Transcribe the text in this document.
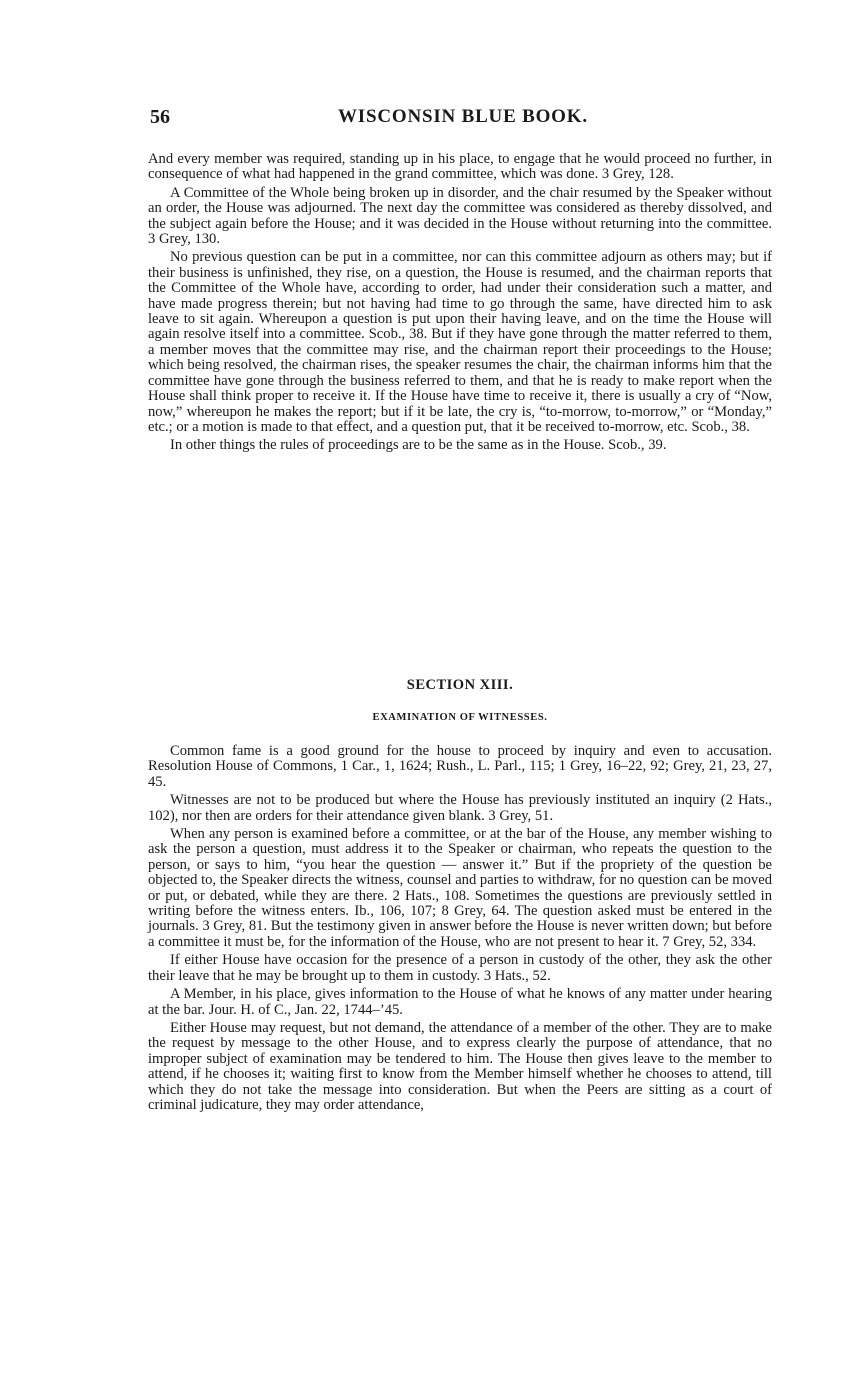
56	WISCONSIN BLUE BOOK.

And every member was required, standing up in his place, to engage that he would proceed no further, in consequence of what had happened in the grand committee, which was done. 3 Grey, 128.

A Committee of the Whole being broken up in disorder, and the chair resumed by the Speaker without an order, the House was adjourned. The next day the committee was considered as thereby dissolved, and the subject again before the House; and it was decided in the House without returning into the committee. 3 Grey, 130.

No previous question can be put in a committee, nor can this committee adjourn as others may; but if their business is unfinished, they rise, on a question, the House is resumed, and the chairman reports that the Committee of the Whole have, according to order, had under their consideration such a matter, and have made progress therein; but not having had time to go through the same, have directed him to ask leave to sit again. Whereupon a question is put upon their having leave, and on the time the House will again resolve itself into a committee. Scob., 38. But if they have gone through the matter referred to them, a member moves that the committee may rise, and the chairman report their proceedings to the House; which being resolved, the chairman rises, the speaker resumes the chair, the chairman informs him that the committee have gone through the business referred to them, and that he is ready to make report when the House shall think proper to receive it. If the House have time to receive it, there is usually a cry of “Now, now,” whereupon he makes the report; but if it be late, the cry is, “to-morrow, to-morrow,” or “Monday,” etc.; or a motion is made to that effect, and a question put, that it be received to-morrow, etc. Scob., 38.

In other things the rules of proceedings are to be the same as in the House. Scob., 39.

SECTION XIII.
EXAMINATION OF WITNESSES.

Common fame is a good ground for the house to proceed by inquiry and even to accusation. Resolution House of Commons, 1 Car., 1, 1624; Rush., L. Parl., 115; 1 Grey, 16–22, 92; Grey, 21, 23, 27, 45.

Witnesses are not to be produced but where the House has previously instituted an inquiry (2 Hats., 102), nor then are orders for their attendance given blank. 3 Grey, 51.

When any person is examined before a committee, or at the bar of the House, any member wishing to ask the person a question, must address it to the Speaker or chairman, who repeats the question to the person, or says to him, “you hear the question — answer it.” But if the propriety of the question be objected to, the Speaker directs the witness, counsel and parties to withdraw, for no question can be moved or put, or debated, while they are there. 2 Hats., 108. Sometimes the questions are previously settled in writing before the witness enters. Ib., 106, 107; 8 Grey, 64. The question asked must be entered in the journals. 3 Grey, 81. But the testimony given in answer before the House is never written down; but before a committee it must be, for the information of the House, who are not present to hear it. 7 Grey, 52, 334.

If either House have occasion for the presence of a person in custody of the other, they ask the other their leave that he may be brought up to them in custody. 3 Hats., 52.

A Member, in his place, gives information to the House of what he knows of any matter under hearing at the bar. Jour. H. of C., Jan. 22, 1744–’45.

Either House may request, but not demand, the attendance of a member of the other. They are to make the request by message to the other House, and to express clearly the purpose of attendance, that no improper subject of examination may be tendered to him. The House then gives leave to the member to attend, if he chooses it; waiting first to know from the Member himself whether he chooses to attend, till which they do not take the message into consideration. But when the Peers are sitting as a court of criminal judicature, they may order attendance,
